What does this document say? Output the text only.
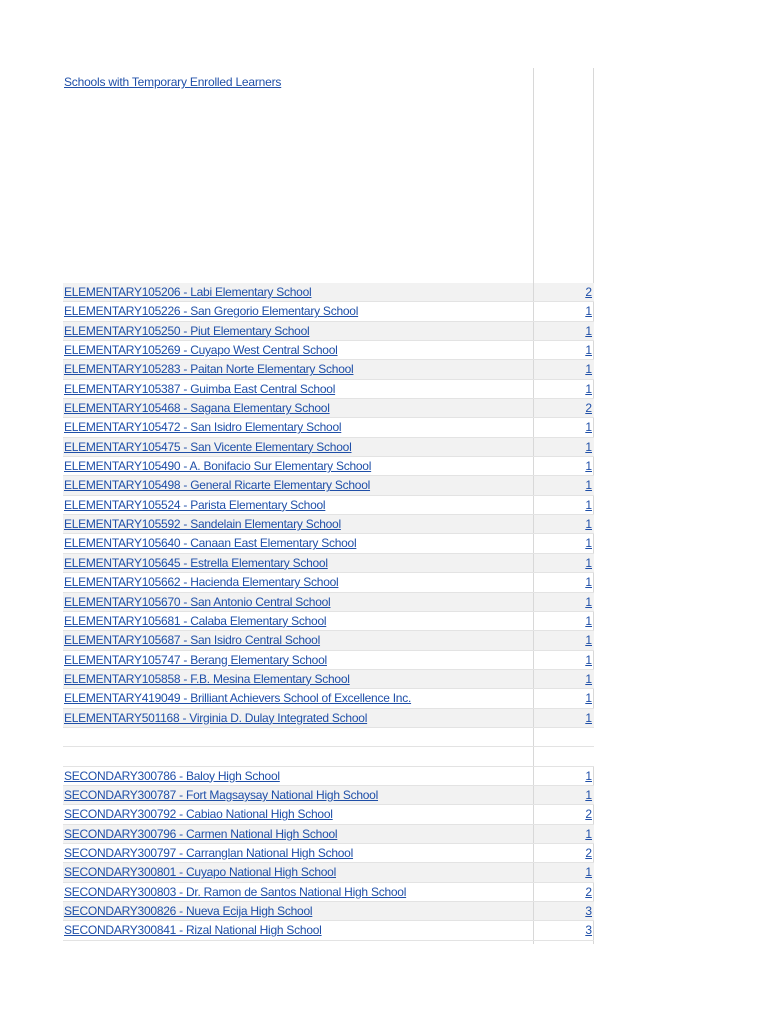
Schools with Temporary Enrolled Learners
ELEMENTARY105206 - Labi Elementary School	2
ELEMENTARY105226 - San Gregorio Elementary School	1
ELEMENTARY105250 - Piut Elementary School	1
ELEMENTARY105269 - Cuyapo West Central School	1
ELEMENTARY105283 - Paitan Norte Elementary School	1
ELEMENTARY105387 - Guimba East Central School	1
ELEMENTARY105468 - Sagana Elementary School	2
ELEMENTARY105472 - San Isidro Elementary School	1
ELEMENTARY105475 - San Vicente Elementary School	1
ELEMENTARY105490 - A. Bonifacio Sur Elementary School	1
ELEMENTARY105498 - General Ricarte Elementary School	1
ELEMENTARY105524 - Parista Elementary School	1
ELEMENTARY105592 - Sandelain Elementary School	1
ELEMENTARY105640 - Canaan East Elementary School	1
ELEMENTARY105645 - Estrella Elementary School	1
ELEMENTARY105662 - Hacienda Elementary School	1
ELEMENTARY105670 - San Antonio Central School	1
ELEMENTARY105681 - Calaba Elementary School	1
ELEMENTARY105687 - San Isidro Central School	1
ELEMENTARY105747 - Berang Elementary School	1
ELEMENTARY105858 - F.B. Mesina Elementary School	1
ELEMENTARY419049 - Brilliant Achievers School of Excellence Inc.	1
ELEMENTARY501168 - Virginia D. Dulay Integrated School	1
SECONDARY300786 - Baloy High School	1
SECONDARY300787 - Fort Magsaysay National High School	1
SECONDARY300792 - Cabiao National High School	2
SECONDARY300796 - Carmen National High School	1
SECONDARY300797 - Carranglan National High School	2
SECONDARY300801 - Cuyapo National High School	1
SECONDARY300803 - Dr. Ramon de Santos National High School	2
SECONDARY300826 - Nueva Ecija High School	3
SECONDARY300841 - Rizal National High School	3
